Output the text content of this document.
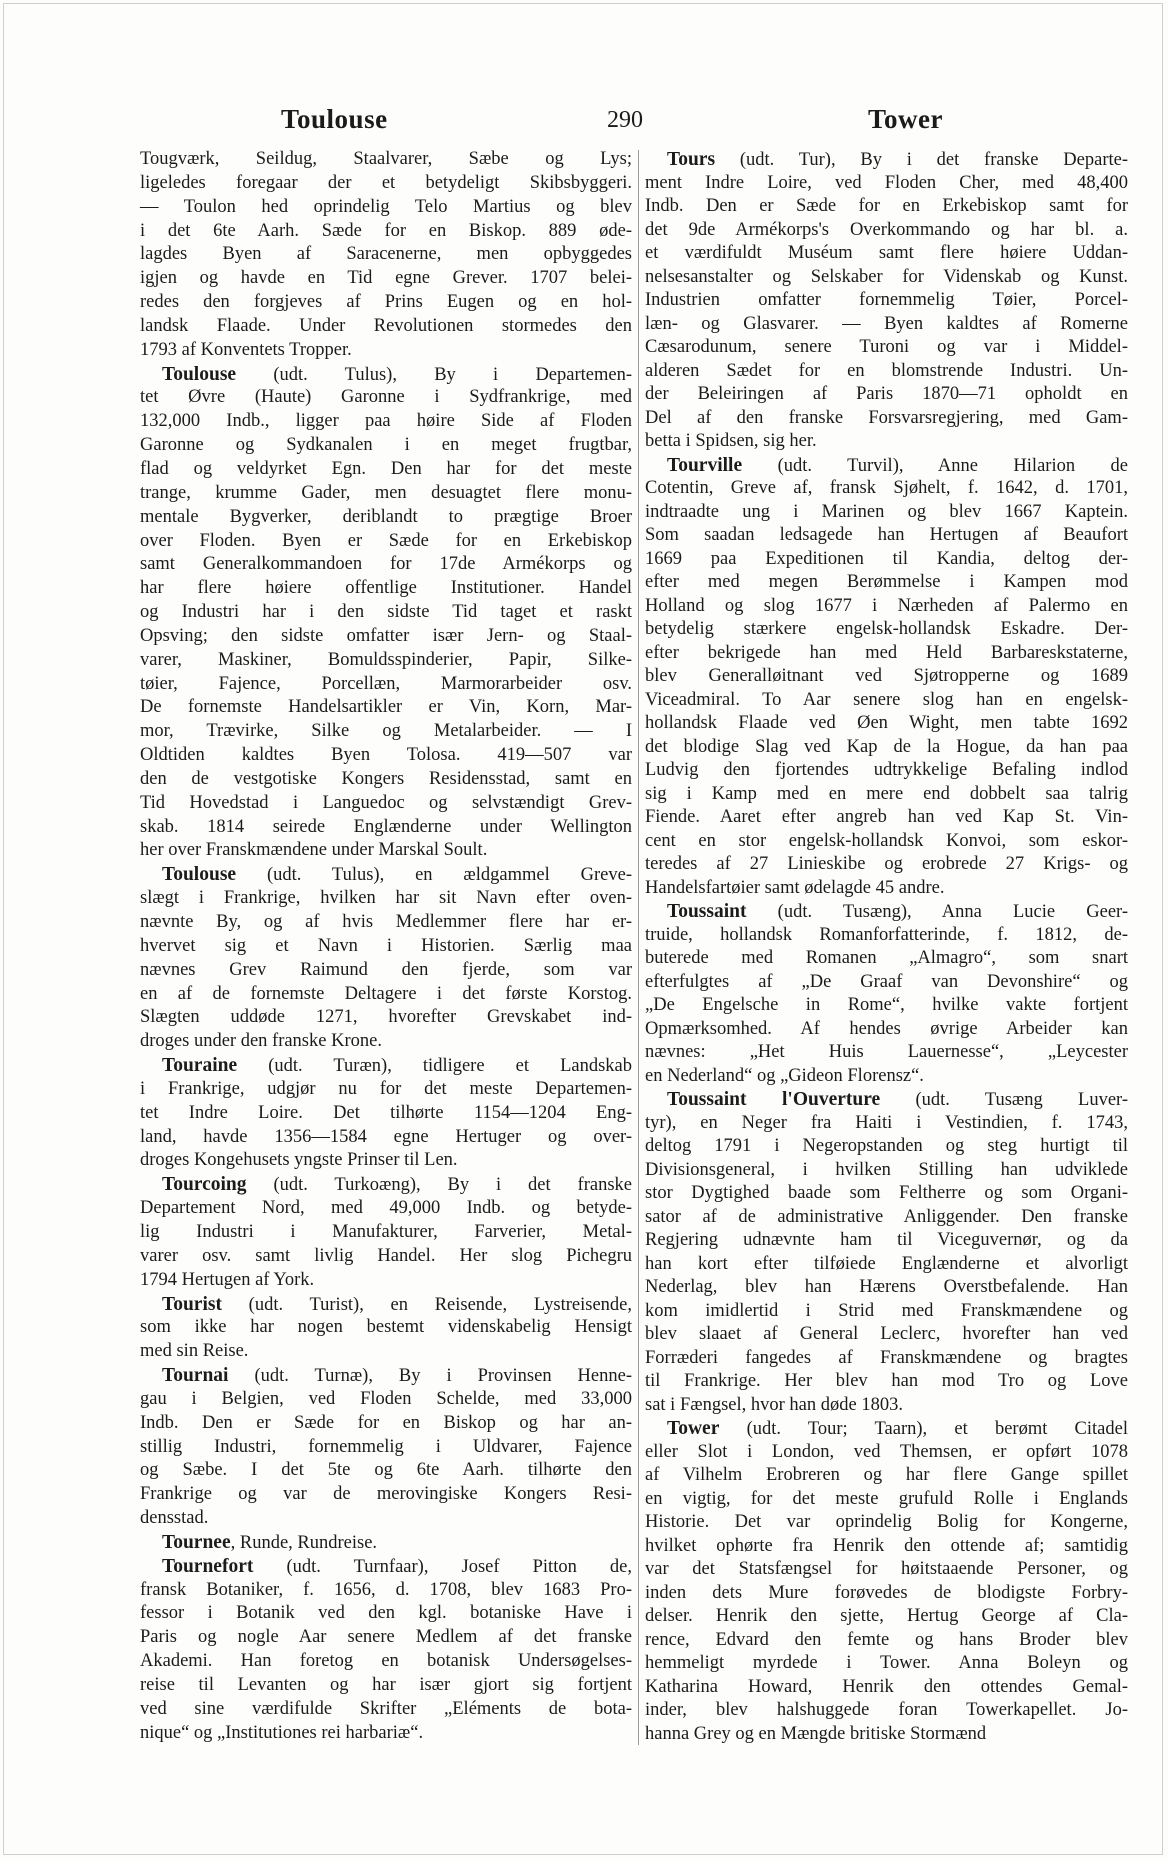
Toulouse	290	Tower
Tougværk, Seildug, Staalvarer, Sæbe og Lys;
ligeledes foregaar der et betydeligt Skibsbyggeri.
— Toulon hed oprindelig Telo Martius og blev
i det 6te Aarh. Sæde for en Biskop. 889 øde-
lagdes Byen af Saracenerne, men opbyggedes
igjen og havde en Tid egne Grever. 1707 belei-
redes den forgjeves af Prins Eugen og en hol-
landsk Flaade. Under Revolutionen stormedes den
1793 af Konventets Tropper.
Toulouse (udt. Tulus), By i Departemen-
tet Øvre (Haute) Garonne i Sydfrankrige, med
132,000 Indb., ligger paa høire Side af Floden
Garonne og Sydkanalen i en meget frugtbar,
flad og veldyrket Egn. Den har for det meste
trange, krumme Gader, men desuagtet flere monu-
mentale Bygverker, deriblandt to prægtige Broer
over Floden. Byen er Sæde for en Erkebiskop
samt Generalkommandoen for 17de Armékorps og
har flere høiere offentlige Institutioner. Handel
og Industri har i den sidste Tid taget et raskt
Opsving; den sidste omfatter især Jern- og Staal-
varer, Maskiner, Bomuldsspinderier, Papir, Silke-
tøier, Fajence, Porcellæn, Marmorarbeider osv.
De fornemste Handelsartikler er Vin, Korn, Mar-
mor, Trævirke, Silke og Metalarbeider. — I
Oldtiden kaldtes Byen Tolosa. 419—507 var
den de vestgotiske Kongers Residensstad, samt en
Tid Hovedstad i Languedoc og selvstændigt Grev-
skab. 1814 seirede Englænderne under Wellington
her over Franskmændene under Marskal Soult.
Toulouse (udt. Tulus), en ældgammel Greve-
slægt i Frankrige, hvilken har sit Navn efter oven-
nævnte By, og af hvis Medlemmer flere har er-
hvervet sig et Navn i Historien. Særlig maa
nævnes Grev Raimund den fjerde, som var
en af de fornemste Deltagere i det første Korstog.
Slægten uddøde 1271, hvorefter Grevskabet ind-
droges under den franske Krone.
Touraine (udt. Turæn), tidligere et Landskab
i Frankrige, udgjør nu for det meste Departemen-
tet Indre Loire. Det tilhørte 1154—1204 Eng-
land, havde 1356—1584 egne Hertuger og over-
droges Kongehusets yngste Prinser til Len.
Tourcoing (udt. Turkoæng), By i det franske
Departement Nord, med 49,000 Indb. og betyde-
lig Industri i Manufakturer, Farverier, Metal-
varer osv. samt livlig Handel. Her slog Pichegru
1794 Hertugen af York.
Tourist (udt. Turist), en Reisende, Lystreisende,
som ikke har nogen bestemt videnskabelig Hensigt
med sin Reise.
Tournai (udt. Turnæ), By i Provinsen Henne-
gau i Belgien, ved Floden Schelde, med 33,000
Indb. Den er Sæde for en Biskop og har an-
stillig Industri, fornemmelig i Uldvarer, Fajence
og Sæbe. I det 5te og 6te Aarh. tilhørte den
Frankrige og var de merovingiske Kongers Resi-
densstad.
Tournee, Runde, Rundreise.
Tournefort (udt. Turnfaar), Josef Pitton de,
fransk Botaniker, f. 1656, d. 1708, blev 1683 Pro-
fessor i Botanik ved den kgl. botaniske Have i
Paris og nogle Aar senere Medlem af det franske
Akademi. Han foretog en botanisk Undersøgelses-
reise til Levanten og har især gjort sig fortjent
ved sine værdifulde Skrifter „Eléments de bota-
nique“ og „Institutiones rei harbariæ“.
Tours (udt. Tur), By i det franske Departe-
ment Indre Loire, ved Floden Cher, med 48,400
Indb. Den er Sæde for en Erkebiskop samt for
det 9de Armékorps's Overkommando og har bl. a.
et værdifuldt Muséum samt flere høiere Uddan-
nelsesanstalter og Selskaber for Videnskab og Kunst.
Industrien omfatter fornemmelig Tøier, Porcel-
læn- og Glasvarer. — Byen kaldtes af Romerne
Cæsarodunum, senere Turoni og var i Middel-
alderen Sædet for en blomstrende Industri. Un-
der Beleiringen af Paris 1870—71 opholdt en
Del af den franske Forsvarsregjering, med Gam-
betta i Spidsen, sig her.
Tourville (udt. Turvil), Anne Hilarion de
Cotentin, Greve af, fransk Sjøhelt, f. 1642, d. 1701,
indtraadte ung i Marinen og blev 1667 Kaptein.
Som saadan ledsagede han Hertugen af Beaufort
1669 paa Expeditionen til Kandia, deltog der-
efter med megen Berømmelse i Kampen mod
Holland og slog 1677 i Nærheden af Palermo en
betydelig stærkere engelsk-hollandsk Eskadre. Der-
efter bekrigede han med Held Barbareskstaterne,
blev Generalløitnant ved Sjøtropperne og 1689
Viceadmiral. To Aar senere slog han en engelsk-
hollandsk Flaade ved Øen Wight, men tabte 1692
det blodige Slag ved Kap de la Hogue, da han paa
Ludvig den fjortendes udtrykkelige Befaling indlod
sig i Kamp med en mere end dobbelt saa talrig
Fiende. Aaret efter angreb han ved Kap St. Vin-
cent en stor engelsk-hollandsk Konvoi, som eskor-
teredes af 27 Linieskibe og erobrede 27 Krigs- og
Handelsfartøier samt ødelagde 45 andre.
Toussaint (udt. Tusæng), Anna Lucie Geer-
truide, hollandsk Romanforfatterinde, f. 1812, de-
buterede med Romanen „Almagro“, som snart
efterfulgtes af „De Graaf van Devonshire“ og
„De Engelsche in Rome“, hvilke vakte fortjent
Opmærksomhed. Af hendes øvrige Arbeider kan
nævnes: „Het Huis Lauernesse“, „Leycester
en Nederland“ og „Gideon Florensz“.
Toussaint l'Ouverture (udt. Tusæng Luver-
tyr), en Neger fra Haiti i Vestindien, f. 1743,
deltog 1791 i Negeropstanden og steg hurtigt til
Divisionsgeneral, i hvilken Stilling han udviklede
stor Dygtighed baade som Feltherre og som Organi-
sator af de administrative Anliggender. Den franske
Regjering udnævnte ham til Viceguvernør, og da
han kort efter tilføiede Englænderne et alvorligt
Nederlag, blev han Hærens Overstbefalende. Han
kom imidlertid i Strid med Franskmændene og
blev slaaet af General Leclerc, hvorefter han ved
Forræderi fangedes af Franskmændene og bragtes
til Frankrige. Her blev han mod Tro og Love
sat i Fængsel, hvor han døde 1803.
Tower (udt. Tour; Taarn), et berømt Citadel
eller Slot i London, ved Themsen, er opført 1078
af Vilhelm Erobreren og har flere Gange spillet
en vigtig, for det meste grufuld Rolle i Englands
Historie. Det var oprindelig Bolig for Kongerne,
hvilket ophørte fra Henrik den ottende af; samtidig
var det Statsfængsel for høitstaaende Personer, og
inden dets Mure forøvedes de blodigste Forbry-
delser. Henrik den sjette, Hertug George af Cla-
rence, Edvard den femte og hans Broder blev
hemmeligt myrdede i Tower. Anna Boleyn og
Katharina Howard, Henrik den ottendes Gemal-
inder, blev halshuggede foran Towerkapellet. Jo-
hanna Grey og en Mængde britiske Stormænd
